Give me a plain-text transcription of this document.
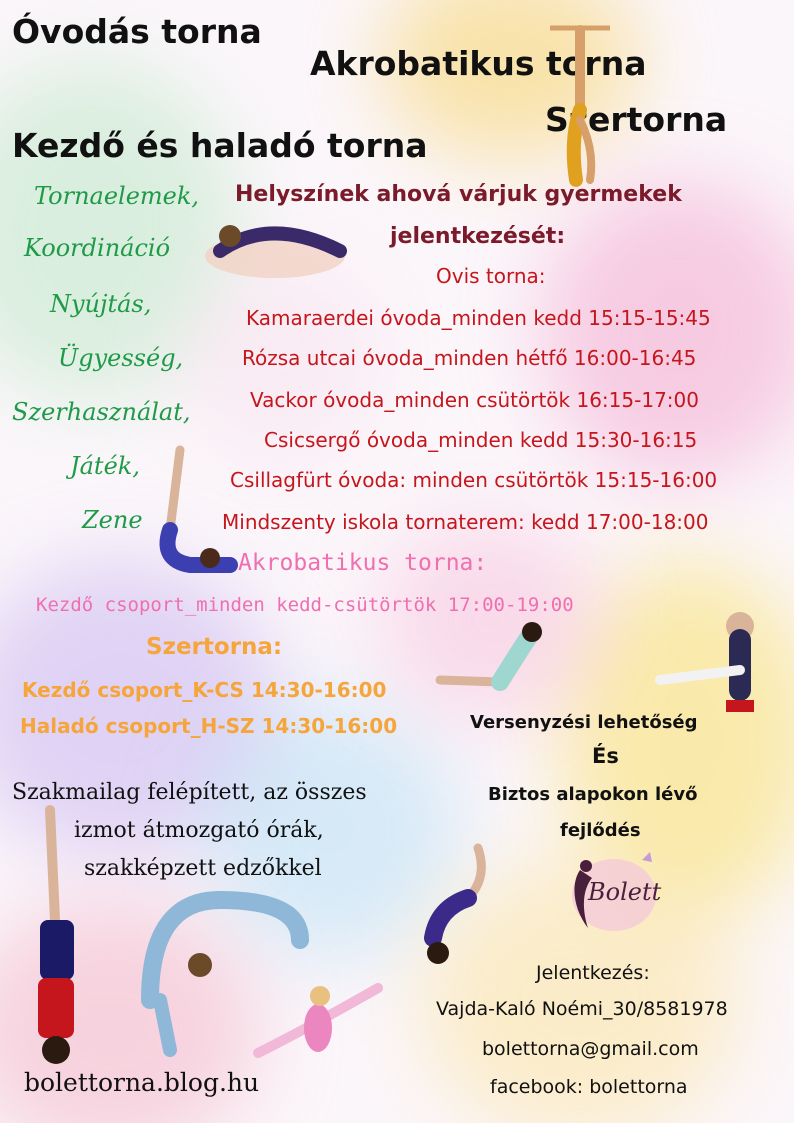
Óvodás torna
Akrobatikus torna
Szertorna
Kezdő és haladó torna

Tornaelemek,

Koordináció

Nyújtás,

Ügyesség,

Szerhasználat,

Játék,

Zene

Helyszínek ahová várjuk gyermekek

jelentkezését:

Ovis torna:

Kamaraerdei óvoda_minden kedd 15:15-15:45

Rózsa utcai óvoda_minden hétfő 16:00-16:45

Vackor óvoda_minden csütörtök 16:15-17:00

Csicsergő óvoda_minden kedd 15:30-16:15

Csillagfürt óvoda: minden csütörtök 15:15-16:00

Mindszenty iskola tornaterem: kedd 17:00-18:00

Akrobatikus torna:

Kezdő csoport_minden kedd-csütörtök 17:00-19:00

Szertorna:

Kezdő csoport_K-CS 14:30-16:00

Haladó csoport_H-SZ 14:30-16:00	Versenyzési lehetőség

És

Biztos alapokon lévő

fejlődés

Szakmailag felépített, az összes

izmot átmozgató órák,

szakképzett edzőkkel

Bolett

Jelentkezés:

Vajda-Kaló Noémi_30/8581978

bolettorna@gmail.com

facebook: bolettorna

bolettorna.blog.hu
